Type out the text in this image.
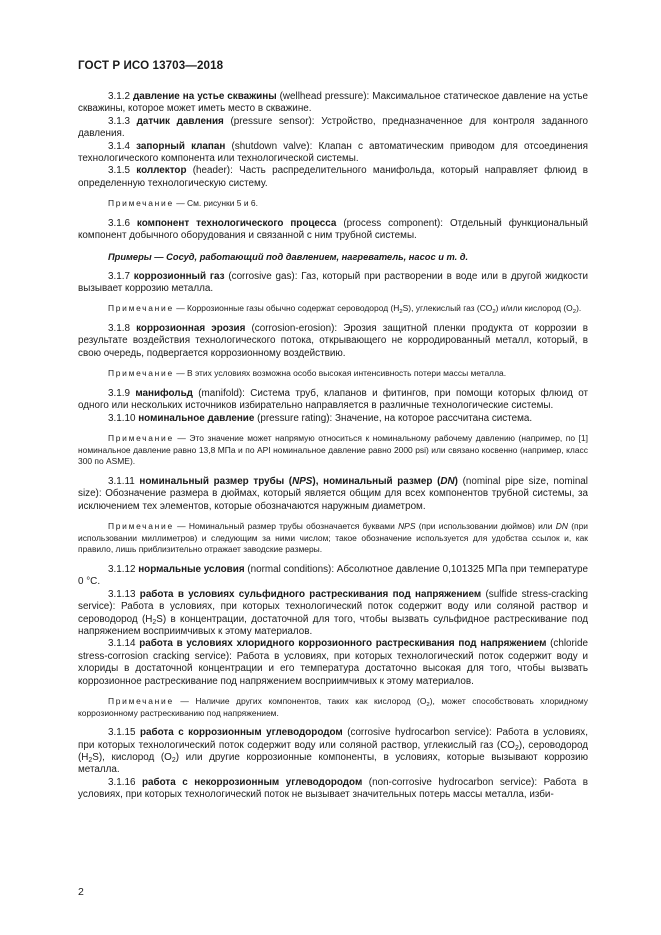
ГОСТ Р ИСО 13703—2018

3.1.2 давление на устье скважины (wellhead pressure): Максимальное статическое давление на устье скважины, которое может иметь место в скважине.

3.1.3 датчик давления (pressure sensor): Устройство, предназначенное для контроля заданного давления.

3.1.4 запорный клапан (shutdown valve): Клапан с автоматическим приводом для отсоединения технологического компонента или технологической системы.

3.1.5 коллектор (header): Часть распределительного манифольда, который направляет флюид в определенную технологическую систему.

Примечание — См. рисунки 5 и 6.

3.1.6 компонент технологического процесса (process component): Отдельный функциональный компонент добычного оборудования и связанной с ним трубной системы.

Примеры — Сосуд, работающий под давлением, нагреватель, насос и т. д.

3.1.7 коррозионный газ (corrosive gas): Газ, который при растворении в воде или в другой жидкости вызывает коррозию металла.

Примечание — Коррозионные газы обычно содержат сероводород $(H_2S)$, углекислый газ $(CO_2)$ и/или кислород $(O_2)$.

3.1.8 коррозионная эрозия (corrosion-erosion): Эрозия защитной пленки продукта от коррозии в результате воздействия технологического потока, открывающего не корродированный металл, который, в свою очередь, подвергается коррозионному воздействию.

Примечание — В этих условиях возможна особо высокая интенсивность потери массы металла.

3.1.9 манифольд (manifold): Система труб, клапанов и фитингов, при помощи которых флюид от одного или нескольких источников избирательно направляется в различные технологические системы.

3.1.10 номинальное давление (pressure rating): Значение, на которое рассчитана система.

Примечание — Это значение может напрямую относиться к номинальному рабочему давлению (например, по [1] номинальное давление равно 13,8 МПа и по API номинальное давление равно 2000 psi) или связано косвенно (например, класс 300 по ASME).

3.1.11 номинальный размер трубы (NPS), номинальный размер (DN) (nominal pipe size, nominal size): Обозначение размера в дюймах, который является общим для всех компонентов трубной системы, за исключением тех элементов, которые обозначаются наружным диаметром.

Примечание — Номинальный размер трубы обозначается буквами NPS (при использовании дюймов) или DN (при использовании миллиметров) и следующим за ними числом; такое обозначение используется для удобства ссылок и, как правило, лишь приблизительно отражает заводские размеры.

3.1.12 нормальные условия (normal conditions): Абсолютное давление 0,101325 МПа при температуре 0 °С.

3.1.13 работа в условиях сульфидного растрескивания под напряжением (sulfide stress-cracking service): Работа в условиях, при которых технологический поток содержит воду или соляной раствор и сероводород $(H_2S)$ в концентрации, достаточной для того, чтобы вызвать сульфидное растрескивание под напряжением восприимчивых к этому материалов.

3.1.14 работа в условиях хлоридного коррозионного растрескивания под напряжением (chloride stress-corrosion cracking service): Работа в условиях, при которых технологический поток содержит воду и хлориды в достаточной концентрации и его температура достаточно высокая для того, чтобы вызвать коррозионное растрескивание под напряжением восприимчивых к этому материалов.

Примечание — Наличие других компонентов, таких как кислород $(O_2)$, может способствовать хлоридному коррозионному растрескиванию под напряжением.

3.1.15 работа с коррозионным углеводородом (corrosive hydrocarbon service): Работа в условиях, при которых технологический поток содержит воду или соляной раствор, углекислый газ $(CO_2)$, сероводород $(H_2S)$, кислород $(O_2)$ или другие коррозионные компоненты, в условиях, которые вызывают коррозию металла.

3.1.16 работа с некоррозионным углеводородом (non-corrosive hydrocarbon service): Работа в условиях, при которых технологический поток не вызывает значительных потерь массы металла, изби-

2
